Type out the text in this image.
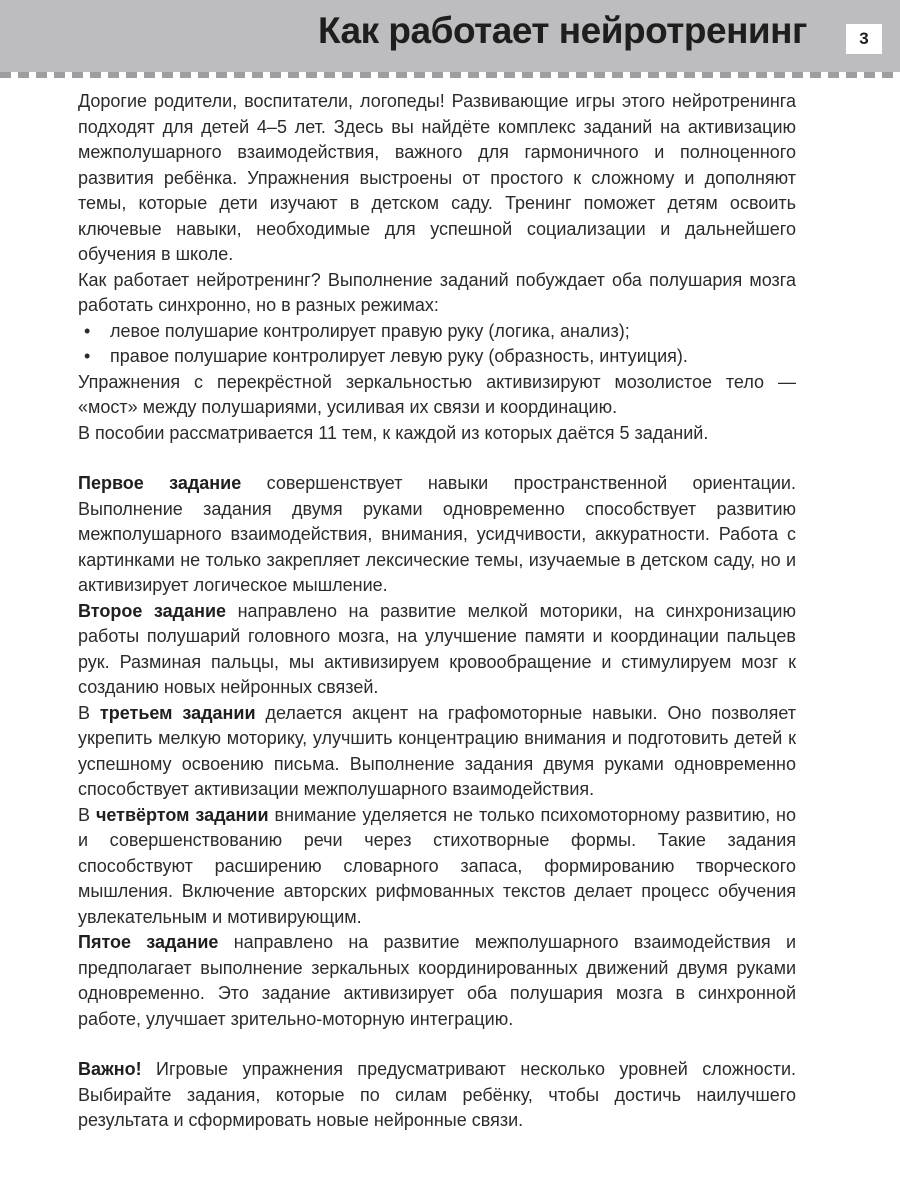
Как работает нейротренинг	3

Дорогие родители, воспитатели, логопеды! Развивающие игры этого нейротренинга подходят для детей 4–5 лет. Здесь вы найдёте комплекс заданий на активизацию межполушарного взаимодействия, важного для гармоничного и полноценного развития ребёнка. Упражнения выстроены от простого к сложному и дополняют темы, которые дети изучают в детском саду. Тренинг поможет детям освоить ключевые навыки, необходимые для успешной социализации и дальнейшего обучения в школе.

Как работает нейротренинг? Выполнение заданий побуждает оба полушария мозга работать синхронно, но в разных режимах:

•	левое полушарие контролирует правую руку (логика, анализ);
•	правое полушарие контролирует левую руку (образность, интуиция).

Упражнения с перекрёстной зеркальностью активизируют мозолистое тело — «мост» между полушариями, усиливая их связи и координацию.

В пособии рассматривается 11 тем, к каждой из которых даётся 5 заданий.

Первое задание совершенствует навыки пространственной ориентации. Выполнение задания двумя руками одновременно способствует развитию межполушарного взаимодействия, внимания, усидчивости, аккуратности. Работа с картинками не только закрепляет лексические темы, изучаемые в детском саду, но и активизирует логическое мышление.

Второе задание направлено на развитие мелкой моторики, на синхронизацию работы полушарий головного мозга, на улучшение памяти и координации пальцев рук. Разминая пальцы, мы активизируем кровообращение и стимулируем мозг к созданию новых нейронных связей.

В третьем задании делается акцент на графомоторные навыки. Оно позволяет укрепить мелкую моторику, улучшить концентрацию внимания и подготовить детей к успешному освоению письма. Выполнение задания двумя руками одновременно способствует активизации межполушарного взаимодействия.

В четвёртом задании внимание уделяется не только психомоторному развитию, но и совершенствованию речи через стихотворные формы. Такие задания способствуют расширению словарного запаса, формированию творческого мышления. Включение авторских рифмованных текстов делает процесс обучения увлекательным и мотивирующим.

Пятое задание направлено на развитие межполушарного взаимодействия и предполагает выполнение зеркальных координированных движений двумя руками одновременно. Это задание активизирует оба полушария мозга в синхронной работе, улучшает зрительно-моторную интеграцию.

Важно! Игровые упражнения предусматривают несколько уровней сложности. Выбирайте задания, которые по силам ребёнку, чтобы достичь наилучшего результата и сформировать новые нейронные связи.
